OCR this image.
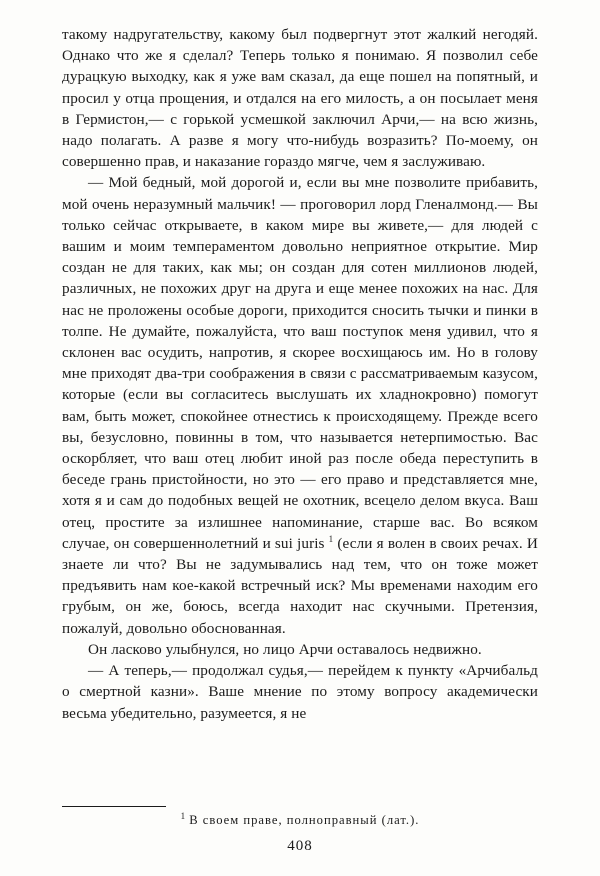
такому надругательству, какому был подвергнут этот жалкий негодяй. Однако что же я сделал? Теперь только я понимаю. Я позволил себе дурацкую выходку, как я уже вам сказал, да еще пошел на попятный, и просил у отца прощения, и отдался на его милость, а он посылает меня в Гермистон,— с горькой усмешкой заключил Арчи,— на всю жизнь, надо полагать. А разве я могу что-нибудь возразить? По-моему, он совершенно прав, и наказание гораздо мягче, чем я заслуживаю.

— Мой бедный, мой дорогой и, если вы мне позволите прибавить, мой очень неразумный мальчик! — проговорил лорд Гленалмонд.— Вы только сейчас открываете, в каком мире вы живете,— для людей с вашим и моим темпераментом довольно неприятное открытие. Мир создан не для таких, как мы; он создан для сотен миллионов людей, различных, не похожих друг на друга и еще менее похожих на нас. Для нас не проложены особые дороги, приходится сносить тычки и пинки в толпе. Не думайте, пожалуйста, что ваш поступок меня удивил, что я склонен вас осудить, напротив, я скорее восхищаюсь им. Но в голову мне приходят два-три соображения в связи с рассматриваемым казусом, которые (если вы согласитесь выслушать их хладнокровно) помогут вам, быть может, спокойнее отнестись к происходящему. Прежде всего вы, безусловно, повинны в том, что называется нетерпимостью. Вас оскорбляет, что ваш отец любит иной раз после обеда переступить в беседе грань пристойности, но это — его право и представляется мне, хотя я и сам до подобных вещей не охотник, всецело делом вкуса. Ваш отец, простите за излишнее напоминание, старше вас. Во всяком случае, он совершеннолетний и sui juris $^1$ (если я волен в своих речах. И знаете ли что? Вы не задумывались над тем, что он тоже может предъявить нам кое-какой встречный иск? Мы временами находим его грубым, он же, боюсь, всегда находит нас скучными. Претензия, пожалуй, довольно обоснованная.

Он ласково улыбнулся, но лицо Арчи оставалось недвижно.

— А теперь,— продолжал судья,— перейдем к пункту «Арчибальд о смертной казни». Ваше мнение по этому вопросу академически весьма убедительно, разумеется, я не

$^1$ В своем праве, полноправный (лат.).
408
